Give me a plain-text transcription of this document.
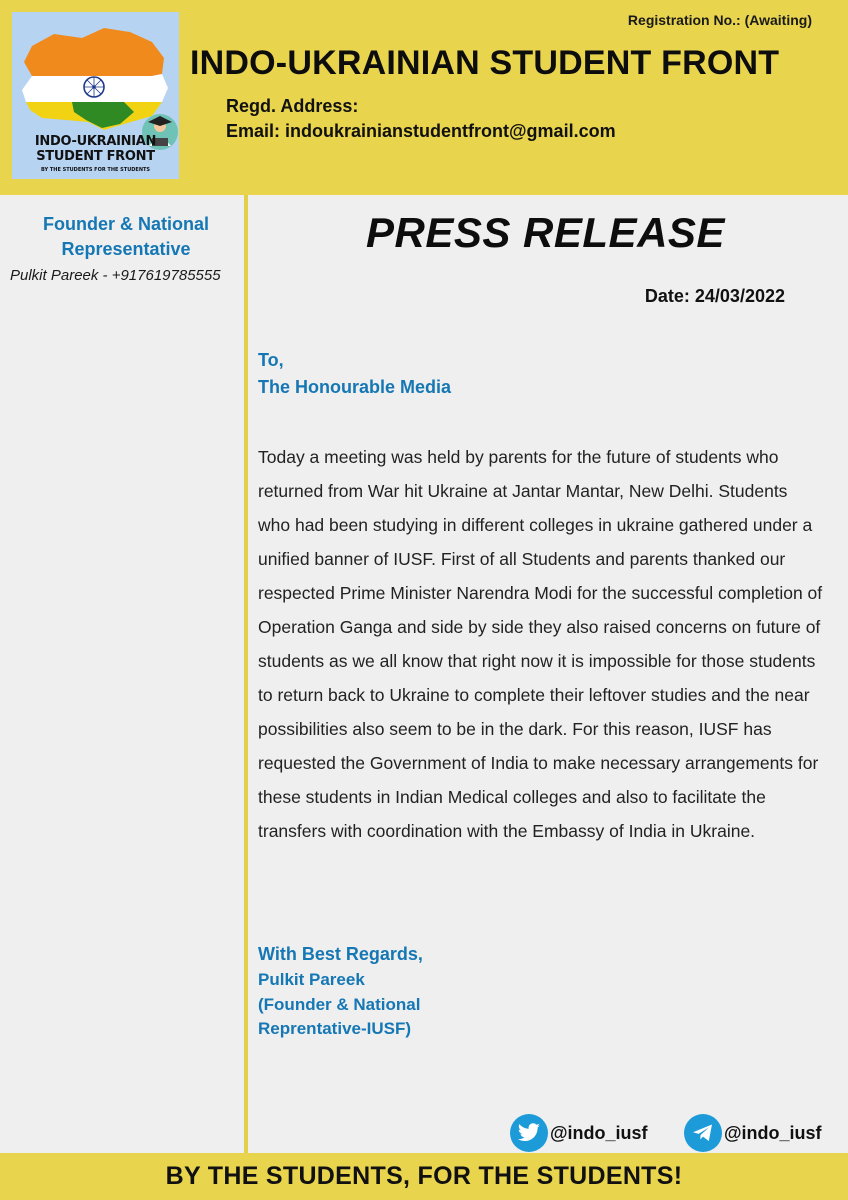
INDO-UKRAINIAN
STUDENT FRONT
BY THE STUDENTS FOR THE STUDENTS
Registration No.: (Awaiting)
INDO-UKRAINIAN STUDENT FRONT
Regd. Address:
Email: indoukrainianstudentfront@gmail.com
Founder & National Representative
Pulkit Pareek - +917619785555
PRESS RELEASE
Date: 24/03/2022
To,
The Honourable Media
Today a meeting was held by parents for the future of students who returned from War hit Ukraine at Jantar Mantar, New Delhi. Students who had been studying in different colleges in ukraine gathered under a unified banner of IUSF. First of all Students and parents thanked our respected Prime Minister Narendra Modi for the successful completion of Operation Ganga and side by side they also raised concerns on future of students as we all know that right now it is impossible for those students to return back to Ukraine to complete their leftover studies and the near possibilities also seem to be in the dark. For this reason, IUSF has requested the Government of India to make necessary arrangements for these students in Indian Medical colleges and also to facilitate the transfers with coordination with the Embassy of India in Ukraine.
With Best Regards,
Pulkit Pareek
(Founder & National
Reprentative-IUSF)
@indo_iusf	@indo_iusf
BY THE STUDENTS, FOR THE STUDENTS!
